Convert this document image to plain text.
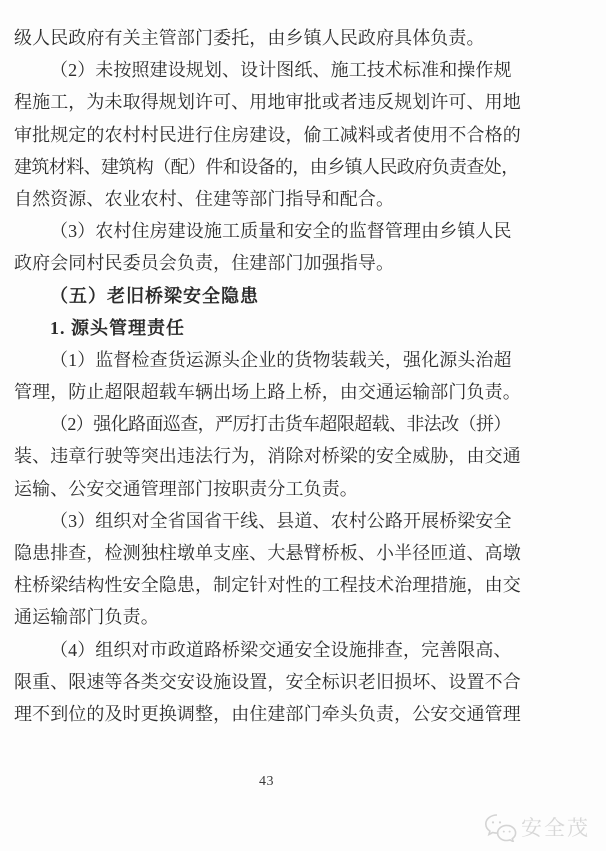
级人民政府有关主管部门委托，由乡镇人民政府具体负责。
（2）未按照建设规划、设计图纸、施工技术标准和操作规
程施工，为未取得规划许可、用地审批或者违反规划许可、用地
审批规定的农村村民进行住房建设，偷工减料或者使用不合格的
建筑材料、建筑构（配）件和设备的，由乡镇人民政府负责查处，
自然资源、农业农村、住建等部门指导和配合。
（3）农村住房建设施工质量和安全的监督管理由乡镇人民
政府会同村民委员会负责，住建部门加强指导。
（五）老旧桥梁安全隐患
1. 源头管理责任
（1）监督检查货运源头企业的货物装载关，强化源头治超
管理，防止超限超载车辆出场上路上桥，由交通运输部门负责。
（2）强化路面巡查，严厉打击货车超限超载、非法改（拼）
装、违章行驶等突出违法行为，消除对桥梁的安全威胁，由交通
运输、公安交通管理部门按职责分工负责。
（3）组织对全省国省干线、县道、农村公路开展桥梁安全
隐患排查，检测独柱墩单支座、大悬臂桥板、小半径匝道、高墩
柱桥梁结构性安全隐患，制定针对性的工程技术治理措施，由交
通运输部门负责。
（4）组织对市政道路桥梁交通安全设施排查，完善限高、
限重、限速等各类交安设施设置，安全标识老旧损坏、设置不合
理不到位的及时更换调整，由住建部门牵头负责，公安交通管理
43
安全茂
